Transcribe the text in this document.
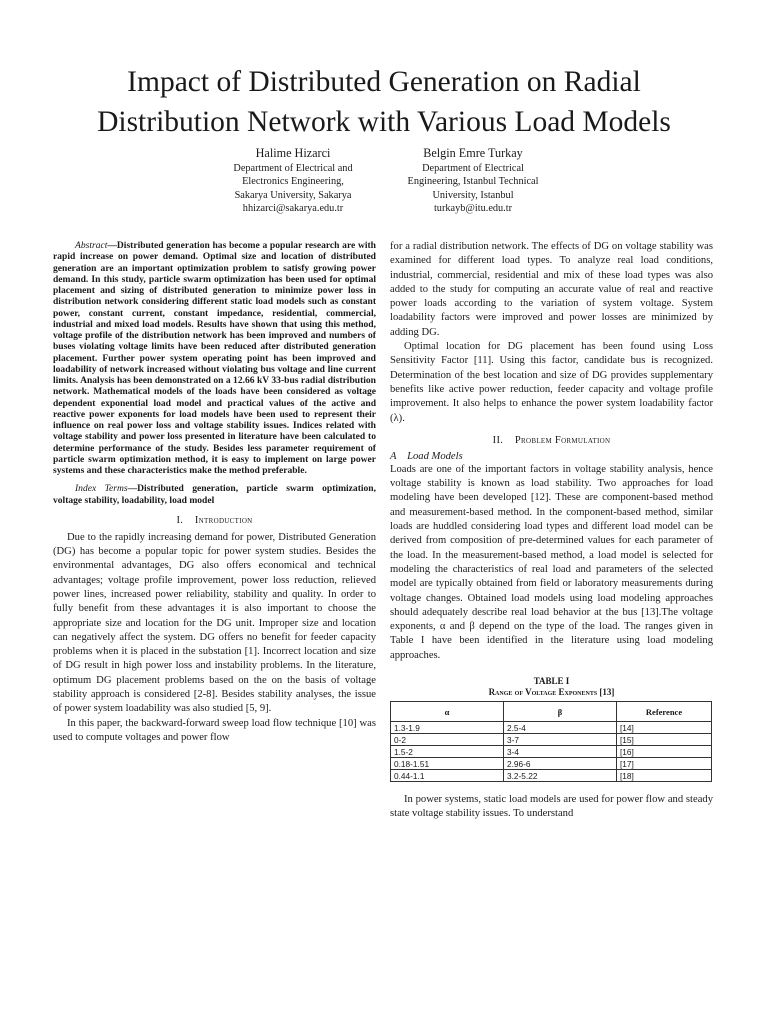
Impact of Distributed Generation on Radial
Distribution Network with Various Load Models
Halime Hizarci
Department of Electrical and
Electronics Engineering,
Sakarya University, Sakarya
hhizarci@sakarya.edu.tr
Belgin Emre Turkay
Department of Electrical
Engineering, Istanbul Technical
University, Istanbul
turkayb@itu.edu.tr

Abstract—Distributed generation has become a popular research are with rapid increase on power demand. Optimal size and location of distributed generation are an important optimization problem to satisfy growing power demand. In this study, particle swarm optimization has been used for optimal placement and sizing of distributed generation to minimize power loss in distribution network considering different static load models such as constant power, constant current, constant impedance, residential, commercial, industrial and mixed load models. Results have shown that using this method, voltage profile of the distribution network has been improved and numbers of buses violating voltage limits have been reduced after distributed generation placement. Further power system operating point has been improved and loadability of network increased without violating bus voltage and line current limits. Analysis has been demonstrated on a 12.66 kV 33-bus radial distribution network. Mathematical models of the loads have been considered as voltage dependent exponential load model and practical values of the active and reactive power exponents for load models have been used to represent their influence on real power loss and voltage stability issues. Indices related with voltage stability and power loss presented in literature have been calculated to determine performance of the study. Besides less parameter requirement of particle swarm optimization method, it is easy to implement on large power systems and these characteristics make the method preferable.

Index Terms—Distributed generation, particle swarm optimization, voltage stability, loadability, load model

I. Introduction

Due to the rapidly increasing demand for power, Distributed Generation (DG) has become a popular topic for power system studies. Besides the environmental advantages, DG also offers economical and technical advantages; voltage profile improvement, power loss reduction, relieved power lines, increased power reliability, stability and quality. In order to fully benefit from these advantages it is also important to choose the appropriate size and location for the DG unit. Improper size and location can negatively affect the system. DG offers no benefit for feeder capacity problems when it is placed in the substation [1]. Incorrect location and size of DG result in high power loss and instability problems. In the literature, optimum DG placement problems based on the on the basis of voltage stability approach is considered [2-8]. Besides stability analyses, the issue of power system loadability was also studied [5, 9].

In this paper, the backward-forward sweep load flow technique [10] was used to compute voltages and power flow

for a radial distribution network. The effects of DG on voltage stability was examined for different load types. To analyze real load conditions, industrial, commercial, residential and mix of these load types was also added to the study for computing an accurate value of real and reactive power loads according to the variation of system voltage. System loadability factors were improved and power losses are minimized by adding DG.

Optimal location for DG placement has been found using Loss Sensitivity Factor [11]. Using this factor, candidate bus is recognized. Determination of the best location and size of DG provides supplementary benefits like active power reduction, feeder capacity and voltage profile improvement. It also helps to enhance the power system loadability factor (λ).

II. Problem Formulation
A Load Models

Loads are one of the important factors in voltage stability analysis, hence voltage stability is known as load stability. Two approaches for load modeling have been developed [12]. These are component-based method and measurement-based method. In the component-based method, similar loads are huddled considering load types and different load model can be derived from composition of pre-determined values for each parameter of the load. In the measurement-based method, a load model is selected for modeling the characteristics of real load and parameters of the selected model are typically obtained from field or laboratory measurements during voltage changes. Obtained load models using load modeling approaches should adequately describe real load behavior at the bus [13].The voltage exponents, α and β depend on the type of the load. The ranges given in Table I have been identified in the literature using load modeling approaches.

TABLE I
Range of Voltage Exponents [13]
α	β	Reference
1.3-1.9	2.5-4	[14]
0-2	3-7	[15]
1.5-2	3-4	[16]
0.18-1.51	2.96-6	[17]
0.44-1.1	3.2-5.22	[18]

In power systems, static load models are used for power flow and steady state voltage stability issues. To understand
